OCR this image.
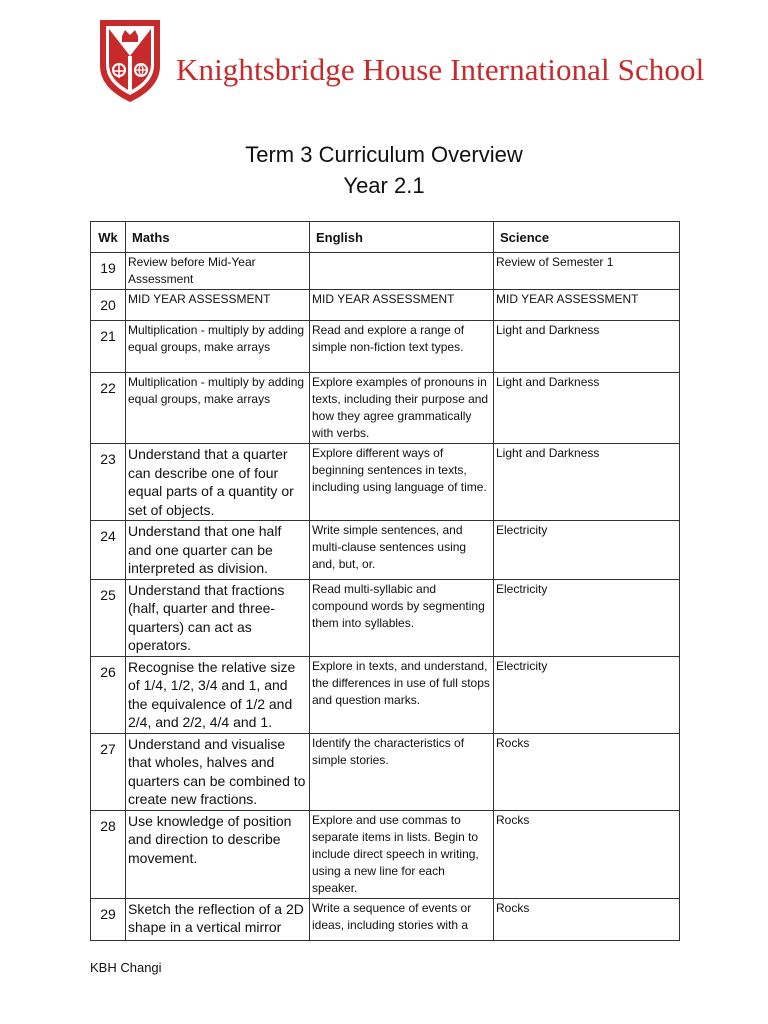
Knightsbridge House International School
Term 3 Curriculum Overview
Year 2.1
Wk	Maths	English	Science
19	Review before Mid-Year Assessment		Review of Semester 1
20	MID YEAR ASSESSMENT	MID YEAR ASSESSMENT	MID YEAR ASSESSMENT
21	Multiplication - multiply by adding equal groups, make arrays	Read and explore a range of simple non-fiction text types.	Light and Darkness
22	Multiplication - multiply by adding equal groups, make arrays	Explore examples of pronouns in texts, including their purpose and how they agree grammatically with verbs.	Light and Darkness
23	Understand that a quarter can describe one of four equal parts of a quantity or set of objects.	Explore different ways of beginning sentences in texts, including using language of time.	Light and Darkness
24	Understand that one half and one quarter can be interpreted as division.	Write simple sentences, and multi-clause sentences using and, but, or.	Electricity
25	Understand that fractions (half, quarter and three-quarters) can act as operators.	Read multi-syllabic and compound words by segmenting them into syllables.	Electricity
26	Recognise the relative size of 1/4, 1/2, 3/4 and 1, and the equivalence of 1/2 and 2/4, and 2/2, 4/4 and 1.	Explore in texts, and understand, the differences in use of full stops and question marks.	Electricity
27	Understand and visualise that wholes, halves and quarters can be combined to create new fractions.	Identify the characteristics of simple stories.	Rocks
28	Use knowledge of position and direction to describe movement.	Explore and use commas to separate items in lists. Begin to include direct speech in writing, using a new line for each speaker.	Rocks
29	Sketch the reflection of a 2D shape in a vertical mirror	Write a sequence of events or ideas, including stories with a	Rocks
KBH Changi
